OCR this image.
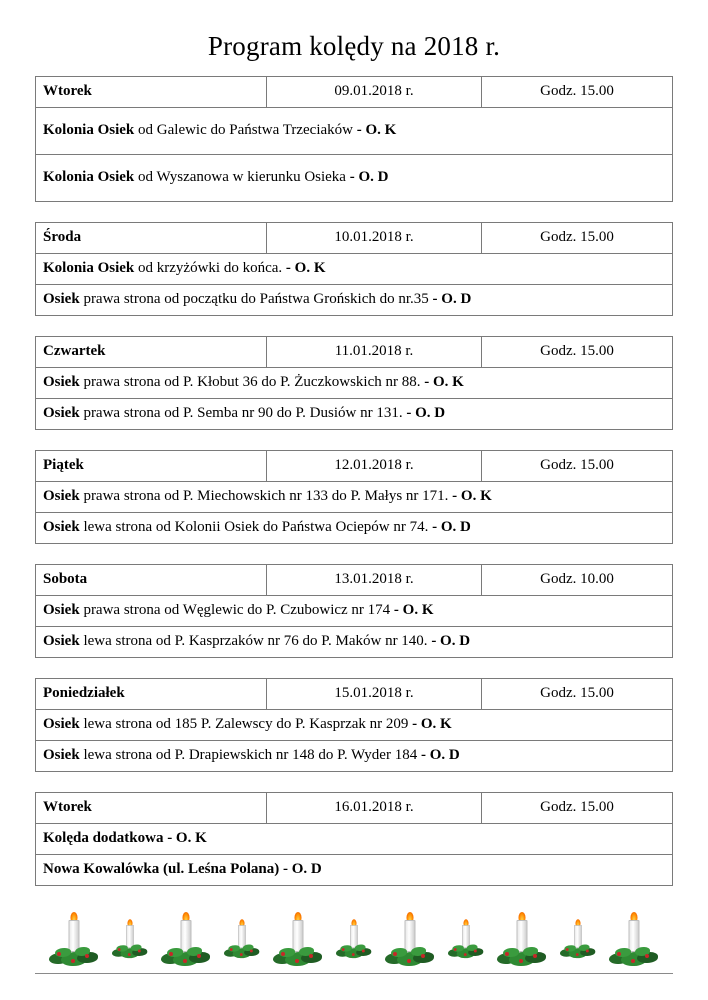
Program kolędy na 2018 r.
Wtorek	09.01.2018 r.	Godz. 15.00
Kolonia Osiek od Galewic do Państwa Trzeciaków - O. K
Kolonia Osiek od Wyszanowa w kierunku Osieka - O. D
Środa	10.01.2018 r.	Godz. 15.00
Kolonia Osiek od krzyżówki do końca. - O. K
Osiek prawa strona od początku do Państwa Grońskich do nr.35 - O. D
Czwartek	11.01.2018 r.	Godz. 15.00
Osiek prawa strona od P. Kłobut 36 do P. Żuczkowskich nr 88. - O. K
Osiek prawa strona od P. Semba nr 90 do P. Dusiów nr 131. - O. D
Piątek	12.01.2018 r.	Godz. 15.00
Osiek prawa strona od P. Miechowskich nr 133 do P. Małys nr 171. - O. K
Osiek lewa strona od Kolonii Osiek do Państwa Ociepów nr 74. - O. D
Sobota	13.01.2018 r.	Godz. 10.00
Osiek prawa strona od Węglewic do P. Czubowicz nr 174 - O. K
Osiek lewa strona od P. Kasprzaków nr 76 do P. Maków nr 140. - O. D
Poniedziałek	15.01.2018 r.	Godz. 15.00
Osiek lewa strona od 185 P. Zalewscy do P. Kasprzak nr 209 - O. K
Osiek lewa strona od P. Drapiewskich nr 148 do P. Wyder 184 - O. D
Wtorek	16.01.2018 r.	Godz. 15.00
Kolęda dodatkowa - O. K
Nowa Kowalówka (ul. Leśna Polana) - O. D
